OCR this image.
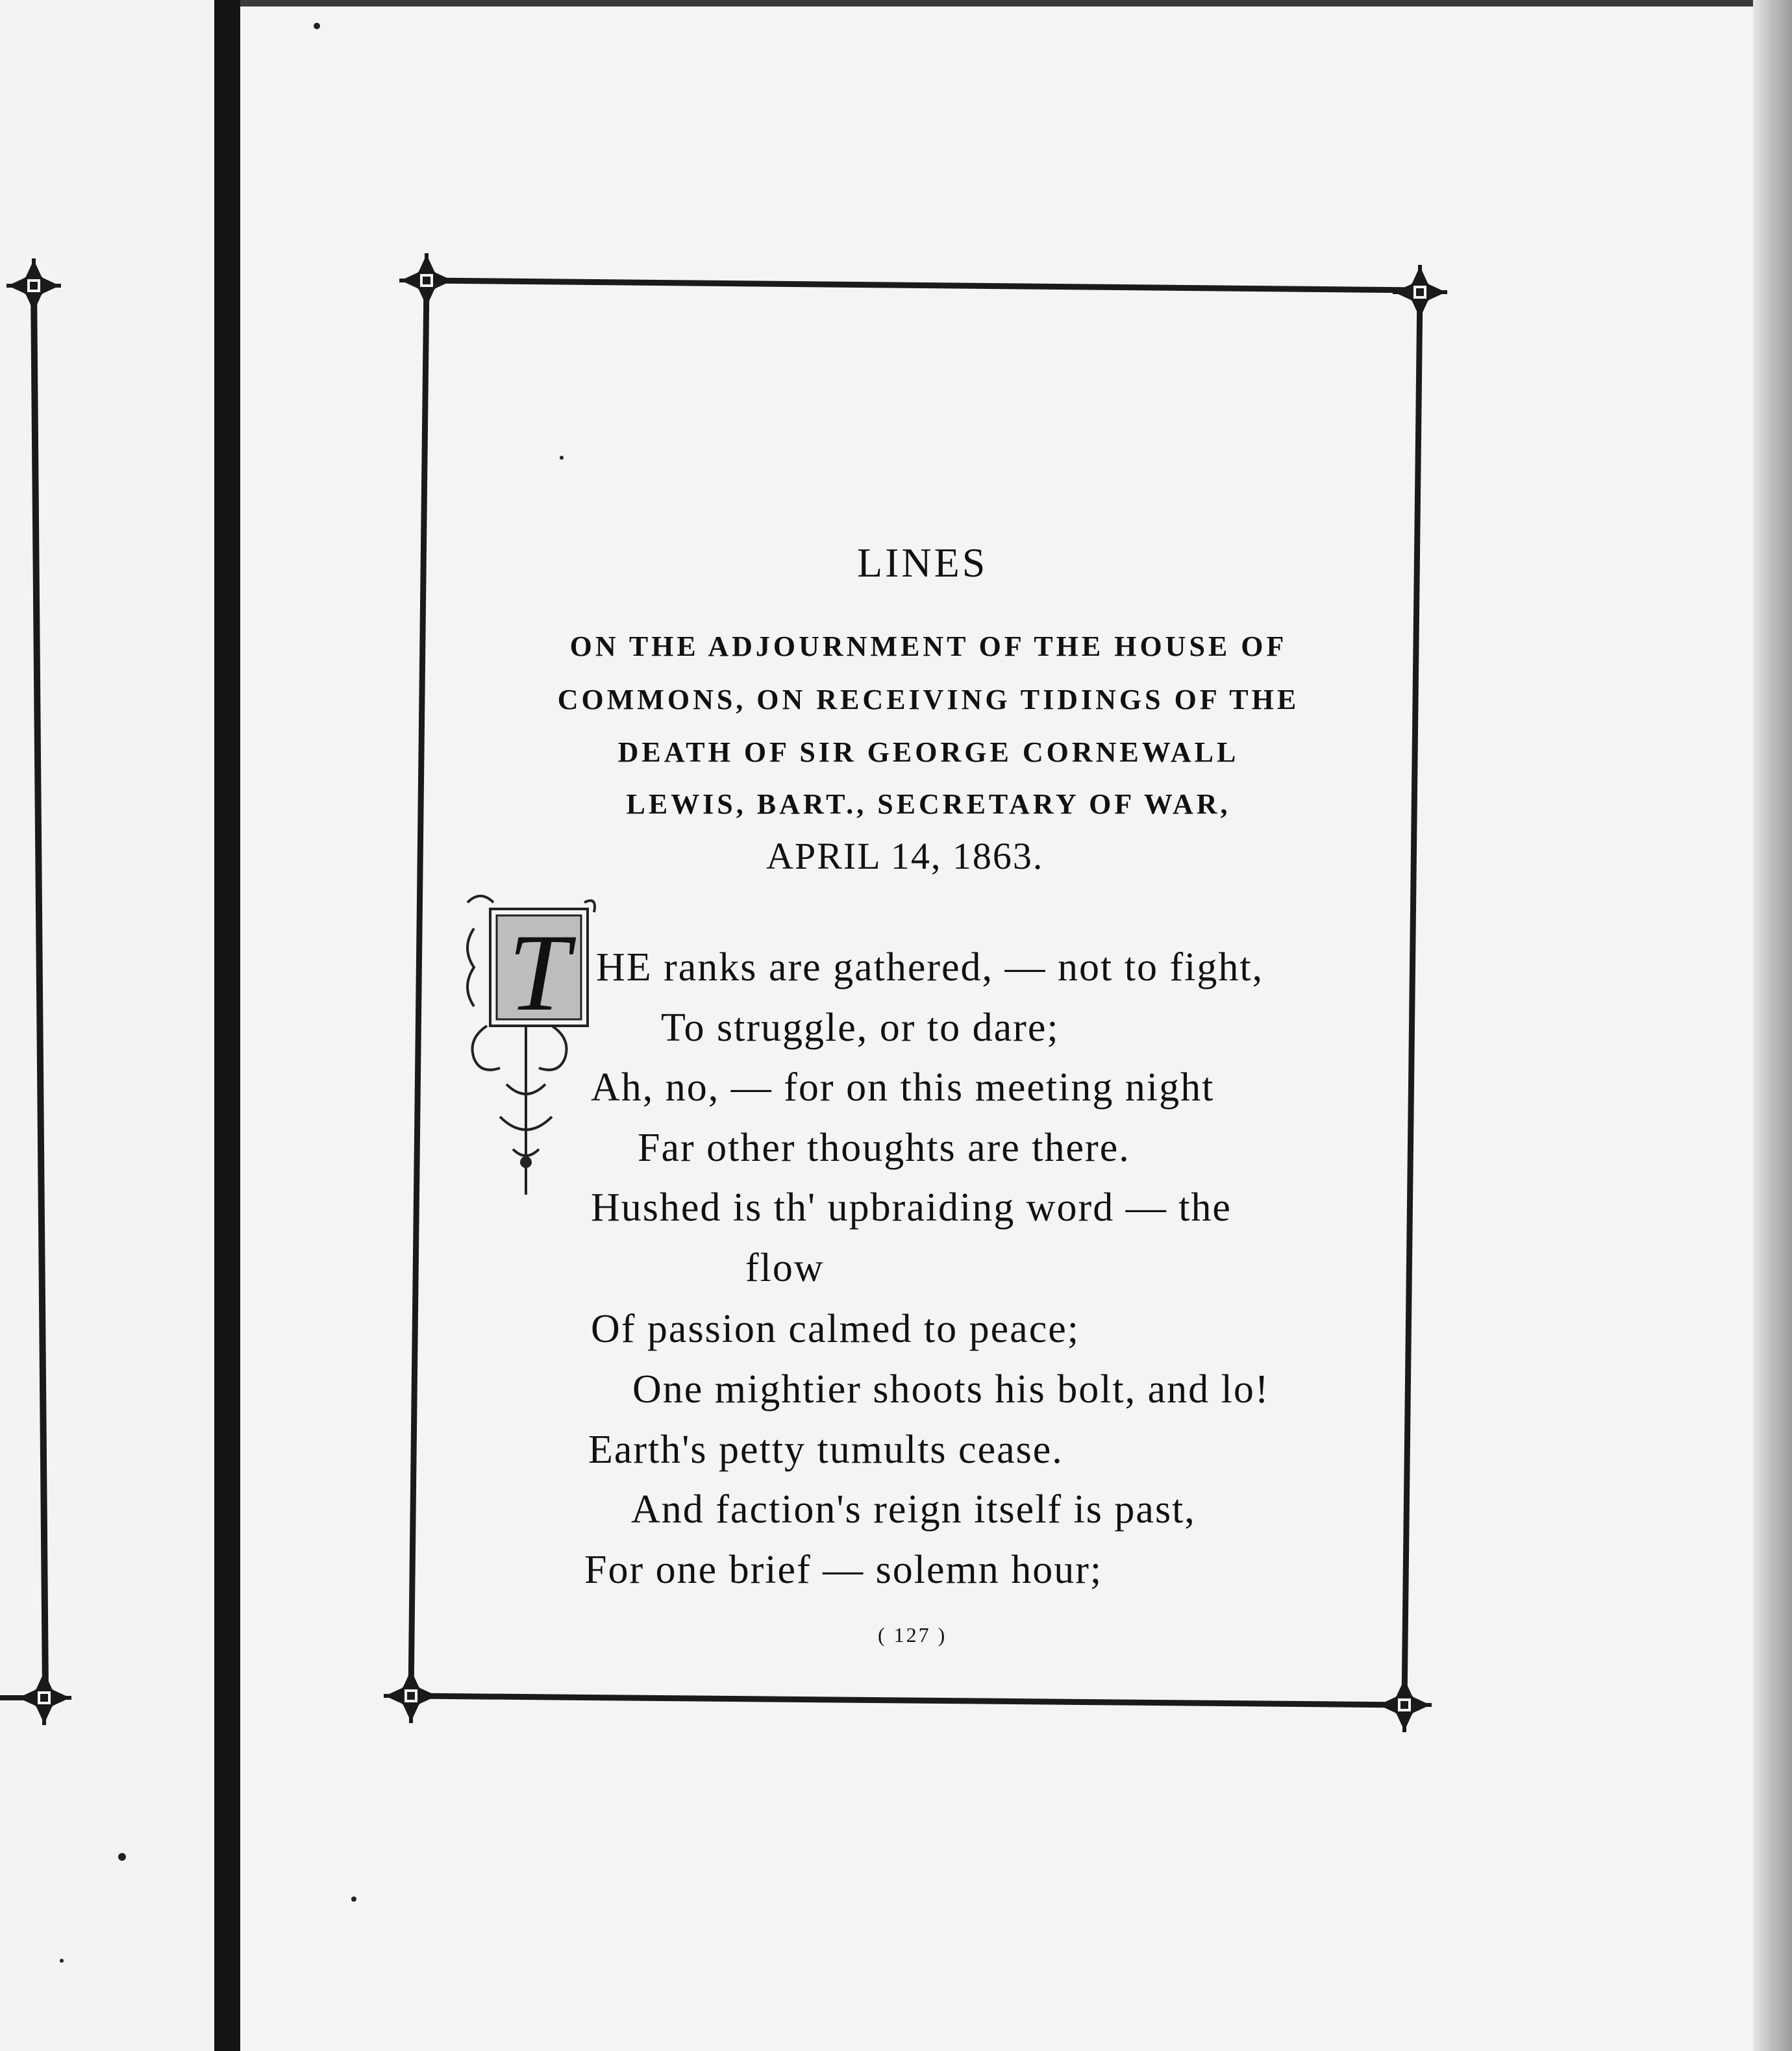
LINES
ON THE ADJOURNMENT OF THE HOUSE OF
COMMONS, ON RECEIVING TIDINGS OF THE
DEATH OF SIR GEORGE CORNEWALL
LEWIS, BART., SECRETARY OF WAR,
APRIL 14, 1863.
T HE ranks are gathered, — not to fight,
To struggle, or to dare;
Ah, no, — for on this meeting night
Far other thoughts are there.
Hushed is th' upbraiding word — the
flow
Of passion calmed to peace;
One mightier shoots his bolt, and lo!
Earth's petty tumults cease.
And faction's reign itself is past,
For one brief — solemn hour;
( 127 )
